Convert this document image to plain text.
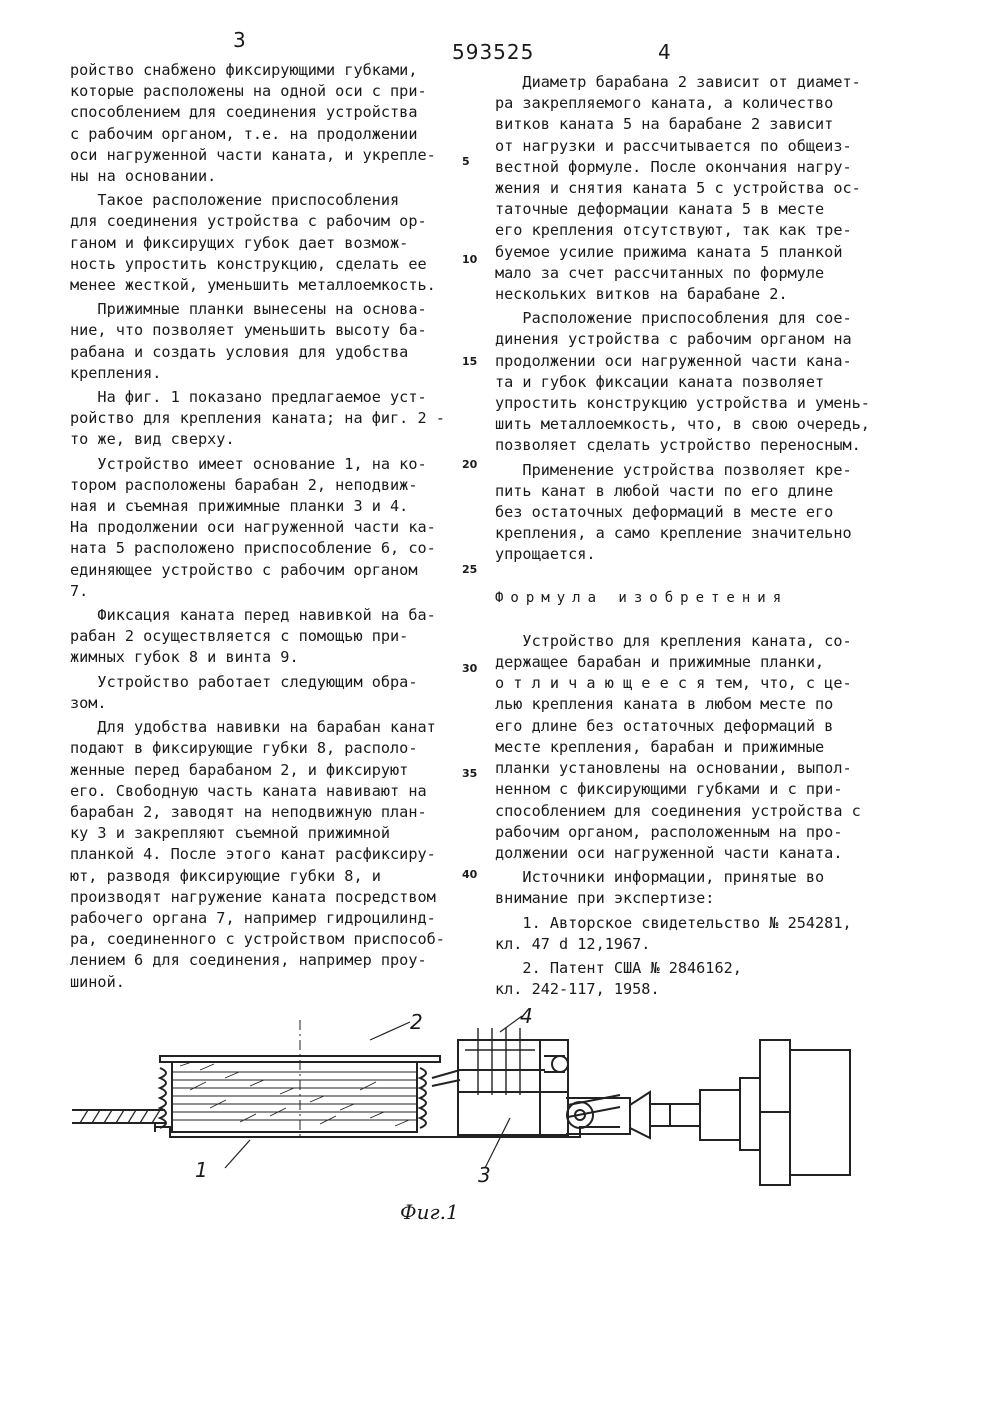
3	593525	4
ройство снабжено фиксирующими губками,
которые расположены на одной оси с при-
способлением для соединения устройства
с рабочим органом, т.е. на продолжении
оси нагруженной части каната, и укрепле-
ны на основании.
Такое расположение приспособления
для соединения устройства с рабочим ор-
ганом и фиксирущих губок дает возмож-
ность упростить конструкцию, сделать ее
менее жесткой, уменьшить металлоемкость.
Прижимные планки вынесены на основа-
ние, что позволяет уменьшить высоту ба-
рабана и создать условия для удобства
крепления.
На фиг. 1 показано предлагаемое уст-
ройство для крепления каната; на фиг. 2 -
то же, вид сверху.
Устройство имеет основание 1, на ко-
тором расположены барабан 2, неподвиж-
ная и съемная прижимные планки 3 и 4.
На продолжении оси нагруженной части ка-
ната 5 расположено приспособление 6, со-
единяющее устройство с рабочим органом
7.
Фиксация каната перед навивкой на ба-
рабан 2 осуществляется с помощью при-
жимных губок 8 и винта 9.
Устройство работает следующим обра-
зом.
Для удобства навивки на барабан канат
подают в фиксирующие губки 8, располо-
женные перед барабаном 2, и фиксируют
его. Свободную часть каната навивают на
барабан 2, заводят на неподвижную план-
ку 3 и закрепляют съемной прижимной
планкой 4. После этого канат расфиксиру-
ют, разводя фиксирующие губки 8, и
производят нагружение каната посредством
рабочего органа 7, например гидроцилинд-
ра, соединенного с устройством приспособ-
лением 6 для соединения, например проу-
шиной.
5
10
15
20
25
30
35
40
Диаметр барабана 2 зависит от диамет-
ра закрепляемого каната, а количество
витков каната 5 на барабане 2 зависит
от нагрузки и рассчитывается по общеиз-
вестной формуле. После окончания нагру-
жения и снятия каната 5 с устройства ос-
таточные деформации каната 5 в месте
его крепления отсутствуют, так как тре-
буемое усилие прижима каната 5 планкой
мало за счет рассчитанных по формуле
нескольких витков на барабане 2.
Расположение приспособления для сое-
динения устройства с рабочим органом на
продолжении оси нагруженной части кана-
та и губок фиксации каната позволяет
упростить конструкцию устройства и умень-
шить металлоемкость, что, в свою очередь,
позволяет сделать устройство переносным.
Применение устройства позволяет кре-
пить канат в любой части по его длине
без остаточных деформаций в месте его
крепления, а само крепление значительно
упрощается.
Формула изобретения
Устройство для крепления каната, со-
держащее барабан и прижимные планки,
о т л и ч а ю щ е е с я тем, что, с це-
лью крепления каната в любом месте по
его длине без остаточных деформаций в
месте крепления, барабан и прижимные
планки установлены на основании, выпол-
ненном с фиксирующими губками и с при-
способлением для соединения устройства с
рабочим органом, расположенным на про-
должении оси нагруженной части каната.
Источники информации, принятые во
внимание при экспертизе:
1. Авторское свидетельство № 254281,
кл. 47 d 12,1967.
2. Патент США № 2846162,
кл. 242-117, 1958.
2	4
1	3
Фиг.1
